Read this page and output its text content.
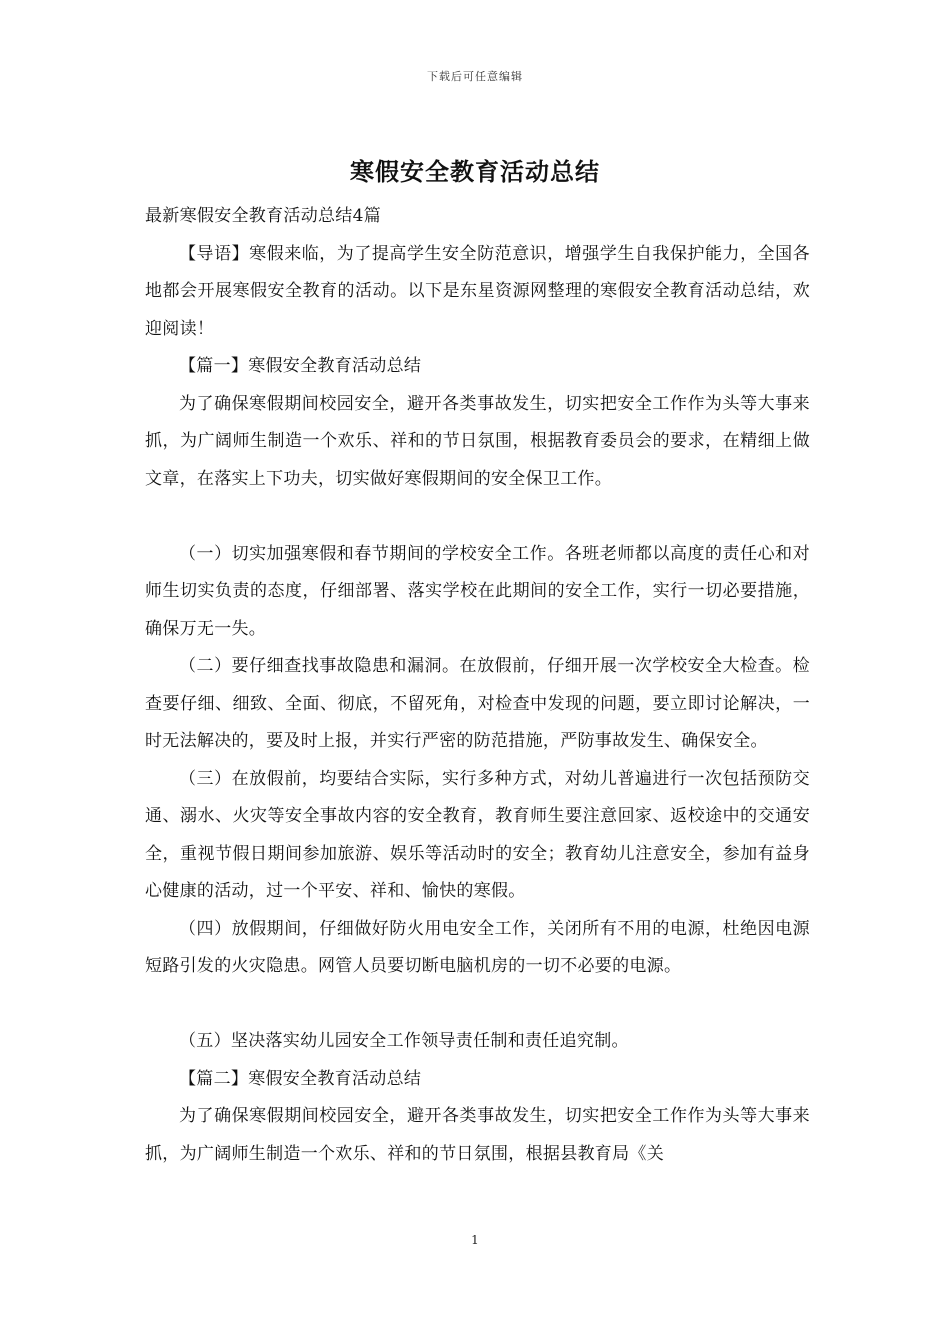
下载后可任意编辑
寒假安全教育活动总结

最新寒假安全教育活动总结4篇

【导语】寒假来临，为了提高学生安全防范意识，增强学生自我保护能力，全国各地都会开展寒假安全教育的活动。以下是东星资源网整理的寒假安全教育活动总结，欢迎阅读！

【篇一】寒假安全教育活动总结

为了确保寒假期间校园安全，避开各类事故发生，切实把安全工作作为头等大事来抓，为广阔师生制造一个欢乐、祥和的节日氛围，根据教育委员会的要求，在精细上做文章，在落实上下功夫，切实做好寒假期间的安全保卫工作。

（一）切实加强寒假和春节期间的学校安全工作。各班老师都以高度的责任心和对师生切实负责的态度，仔细部署、落实学校在此期间的安全工作，实行一切必要措施，确保万无一失。

（二）要仔细查找事故隐患和漏洞。在放假前，仔细开展一次学校安全大检查。检查要仔细、细致、全面、彻底，不留死角，对检查中发现的问题，要立即讨论解决，一时无法解决的，要及时上报，并实行严密的防范措施，严防事故发生、确保安全。

（三）在放假前，均要结合实际，实行多种方式，对幼儿普遍进行一次包括预防交通、溺水、火灾等安全事故内容的安全教育，教育师生要注意回家、返校途中的交通安全，重视节假日期间参加旅游、娱乐等活动时的安全；教育幼儿注意安全，参加有益身心健康的活动，过一个平安、祥和、愉快的寒假。

（四）放假期间，仔细做好防火用电安全工作，关闭所有不用的电源，杜绝因电源短路引发的火灾隐患。网管人员要切断电脑机房的一切不必要的电源。

（五）坚决落实幼儿园安全工作领导责任制和责任追究制。

【篇二】寒假安全教育活动总结

为了确保寒假期间校园安全，避开各类事故发生，切实把安全工作作为头等大事来抓，为广阔师生制造一个欢乐、祥和的节日氛围，根据县教育局《关

1
